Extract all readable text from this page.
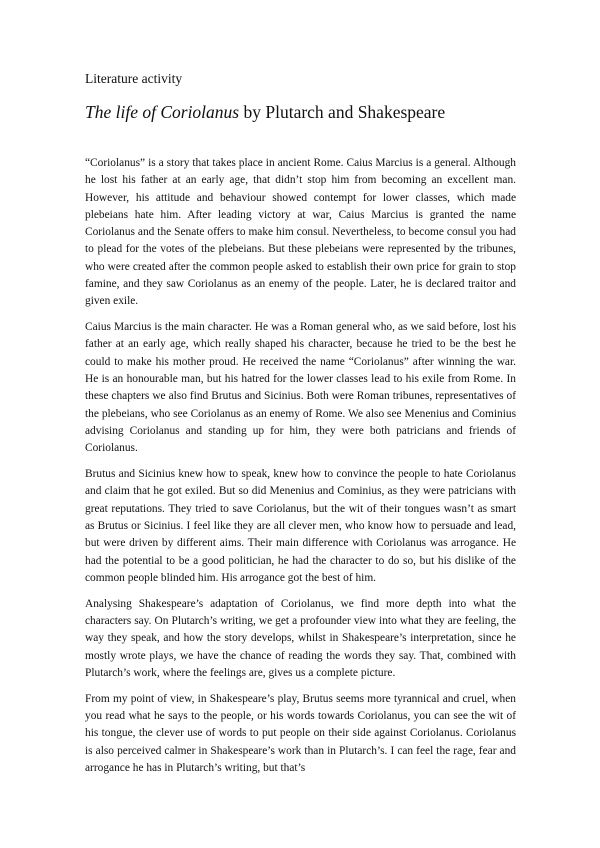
Literature activity
The life of Coriolanus by Plutarch and Shakespeare

“Coriolanus” is a story that takes place in ancient Rome. Caius Marcius is a general. Although he lost his father at an early age, that didn’t stop him from becoming an excellent man. However, his attitude and behaviour showed contempt for lower classes, which made plebeians hate him. After leading victory at war, Caius Marcius is granted the name Coriolanus and the Senate offers to make him consul. Nevertheless, to become consul you had to plead for the votes of the plebeians. But these plebeians were represented by the tribunes, who were created after the common people asked to establish their own price for grain to stop famine, and they saw Coriolanus as an enemy of the people. Later, he is declared traitor and given exile.

Caius Marcius is the main character. He was a Roman general who, as we said before, lost his father at an early age, which really shaped his character, because he tried to be the best he could to make his mother proud. He received the name “Coriolanus” after winning the war. He is an honourable man, but his hatred for the lower classes lead to his exile from Rome. In these chapters we also find Brutus and Sicinius. Both were Roman tribunes, representatives of the plebeians, who see Coriolanus as an enemy of Rome. We also see Menenius and Cominius advising Coriolanus and standing up for him, they were both patricians and friends of Coriolanus.

Brutus and Sicinius knew how to speak, knew how to convince the people to hate Coriolanus and claim that he got exiled. But so did Menenius and Cominius, as they were patricians with great reputations. They tried to save Coriolanus, but the wit of their tongues wasn’t as smart as Brutus or Sicinius. I feel like they are all clever men, who know how to persuade and lead, but were driven by different aims. Their main difference with Coriolanus was arrogance. He had the potential to be a good politician, he had the character to do so, but his dislike of the common people blinded him. His arrogance got the best of him.

Analysing Shakespeare’s adaptation of Coriolanus, we find more depth into what the characters say. On Plutarch’s writing, we get a profounder view into what they are feeling, the way they speak, and how the story develops, whilst in Shakespeare’s interpretation, since he mostly wrote plays, we have the chance of reading the words they say. That, combined with Plutarch’s work, where the feelings are, gives us a complete picture.

From my point of view, in Shakespeare’s play, Brutus seems more tyrannical and cruel, when you read what he says to the people, or his words towards Coriolanus, you can see the wit of his tongue, the clever use of words to put people on their side against Coriolanus. Coriolanus is also perceived calmer in Shakespeare’s work than in Plutarch’s. I can feel the rage, fear and arrogance he has in Plutarch’s writing, but that’s
